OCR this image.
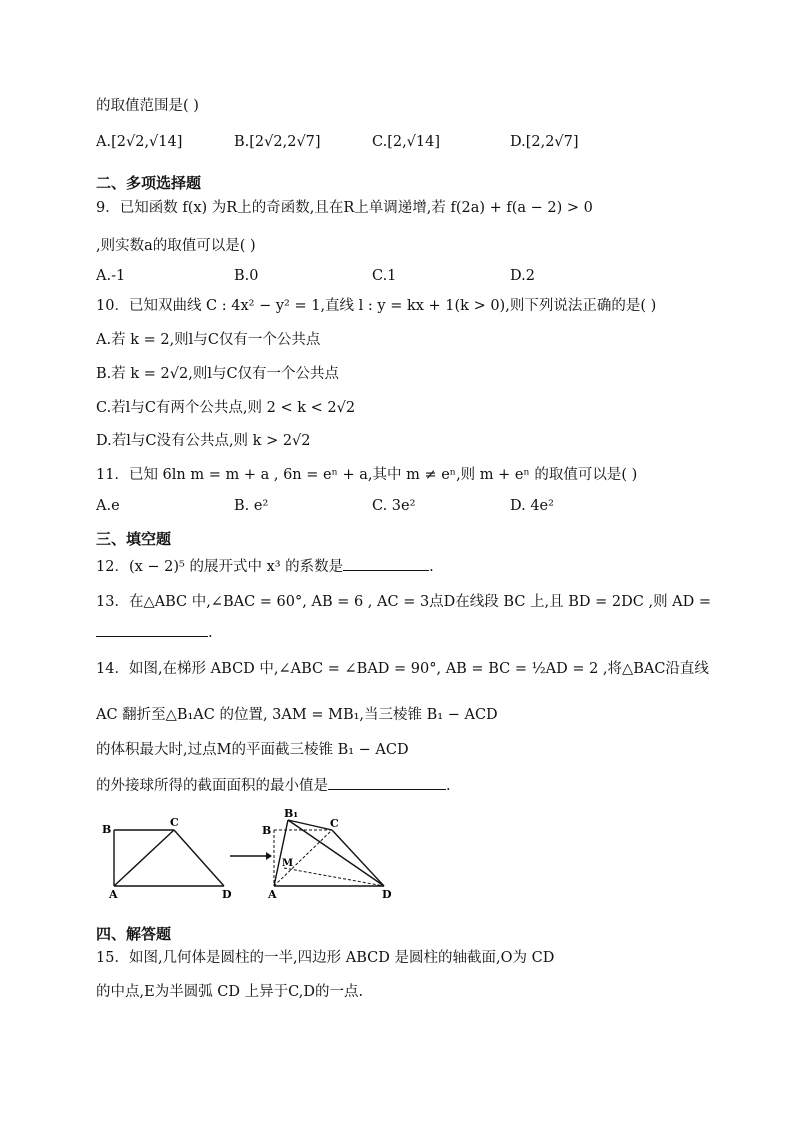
的取值范围是( )
A.[2√2,√14]	B.[2√2,2√7]	C.[2,√14]	D.[2,2√7]
二、多项选择题
9．已知函数 f(x) 为R上的奇函数,且在R上单调递增,若 f(2a) + f(a − 2) > 0
,则实数a的取值可以是( )
A.-1	B.0	C.1	D.2
10．已知双曲线 C : 4x² − y² = 1,直线 l : y = kx + 1(k > 0),则下列说法正确的是( )
A.若 k = 2,则l与C仅有一个公共点
B.若 k = 2√2,则l与C仅有一个公共点
C.若l与C有两个公共点,则 2 < k < 2√2
D.若l与C没有公共点,则 k > 2√2
11．已知 6ln m = m + a , 6n = eⁿ + a,其中 m ≠ eⁿ,则 m + eⁿ 的取值可以是( )
A.e	B. e²	C. 3e²	D. 4e²
三、填空题
12．(x − 2)⁵ 的展开式中 x³ 的系数是	.
13．在△ABC 中,∠BAC = 60°, AB = 6 , AC = 3点D在线段 BC 上,且 BD = 2DC ,则 AD =
.
14．如图,在梯形 ABCD 中,∠ABC = ∠BAD = 90°, AB = BC = ½AD = 2 ,将△BAC沿直线
AC 翻折至△B₁AC 的位置, 3AM = MB₁,当三棱锥 B₁ − ACD
的体积最大时,过点M的平面截三棱锥 B₁ − ACD
的外接球所得的截面面积的最小值是	.
B
C
A	D
B₁
B
C
M
A	D
四、解答题
15．如图,几何体是圆柱的一半,四边形 ABCD 是圆柱的轴截面,O为 CD
的中点,E为半圆弧 CD 上异于C,D的一点.
